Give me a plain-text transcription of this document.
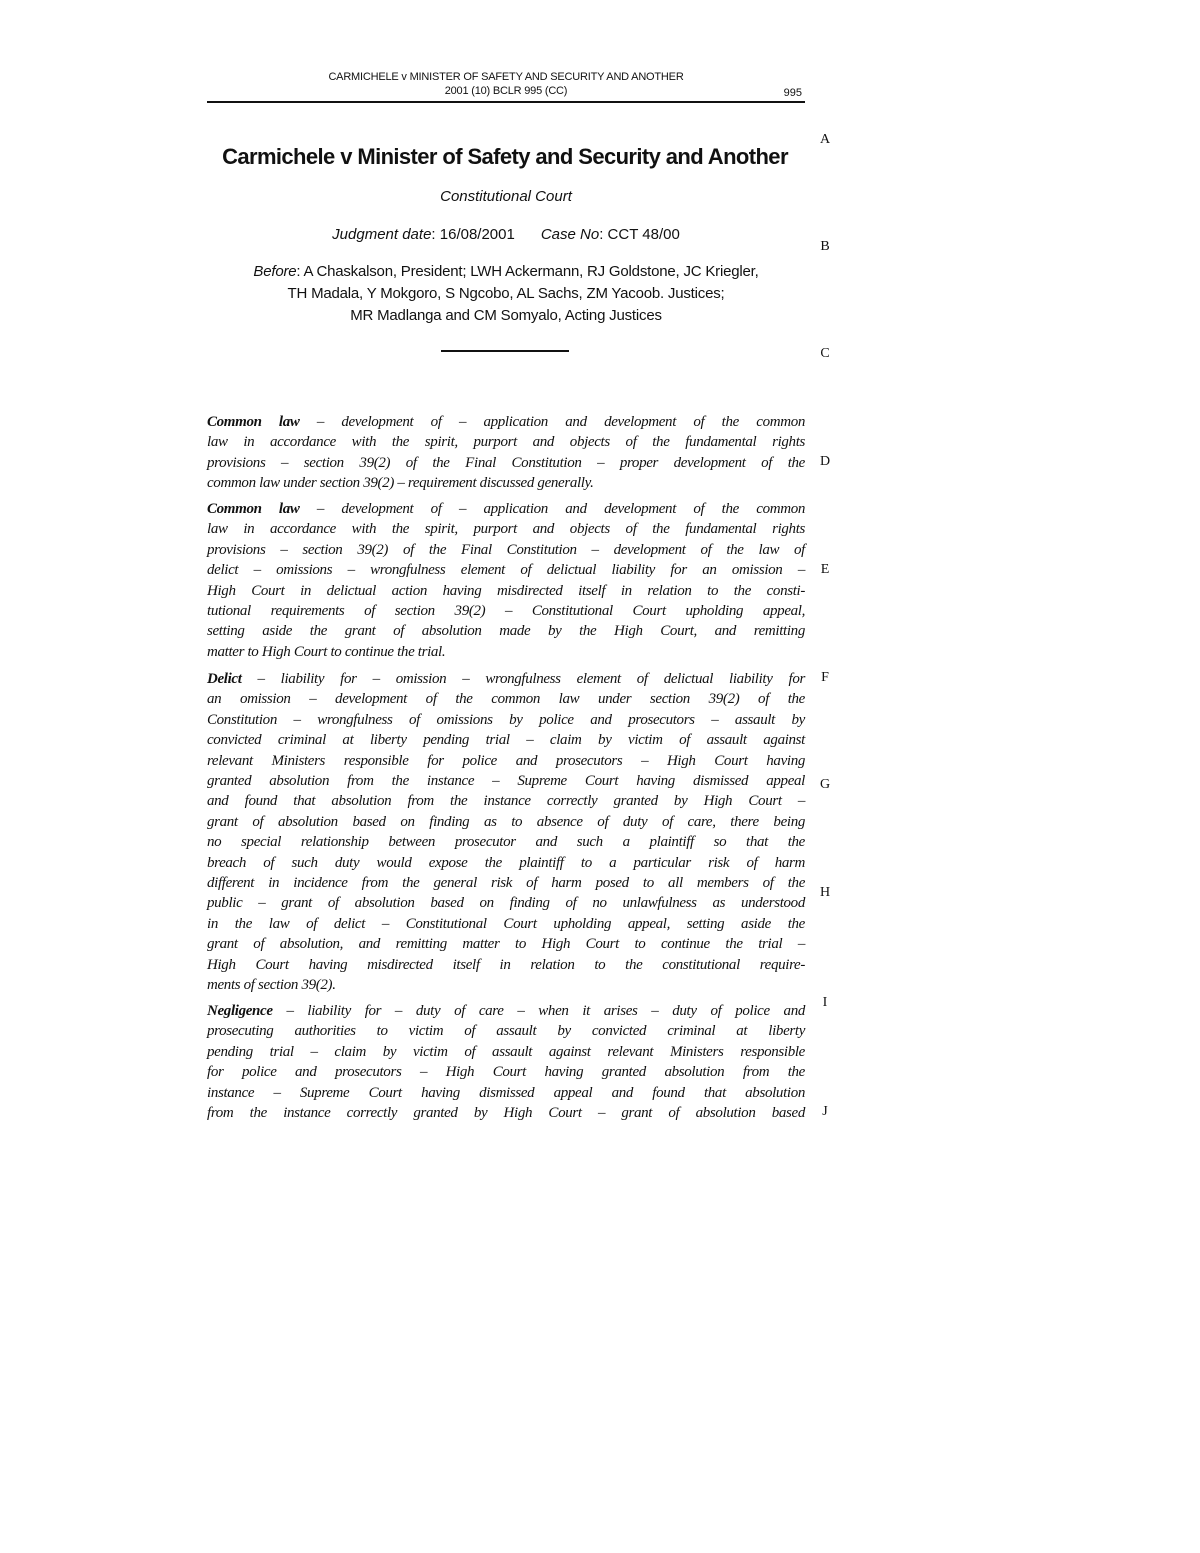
CARMICHELE v MINISTER OF SAFETY AND SECURITY AND ANOTHER
2001 (10) BCLR 995 (CC)	995
Carmichele v Minister of Safety and Security and Another
Constitutional Court
Judgment date: 16/08/2001 Case No: CCT 48/00
Before: A Chaskalson, President; LWH Ackermann, RJ Goldstone, JC Kriegler,
TH Madala, Y Mokgoro, S Ngcobo, AL Sachs, ZM Yacoob. Justices;
MR Madlanga and CM Somyalo, Acting Justices
A
B
C
D
E
F
G
H
I
J
Common law – development of – application and development of the common
law in accordance with the spirit, purport and objects of the fundamental rights
provisions – section 39(2) of the Final Constitution – proper development of the
common law under section 39(2) – requirement discussed generally.
Common law – development of – application and development of the common
law in accordance with the spirit, purport and objects of the fundamental rights
provisions – section 39(2) of the Final Constitution – development of the law of
delict – omissions – wrongfulness element of delictual liability for an omission –
High Court in delictual action having misdirected itself in relation to the consti-
tutional requirements of section 39(2) – Constitutional Court upholding appeal,
setting aside the grant of absolution made by the High Court, and remitting
matter to High Court to continue the trial.
Delict – liability for – omission – wrongfulness element of delictual liability for
an omission – development of the common law under section 39(2) of the
Constitution – wrongfulness of omissions by police and prosecutors – assault by
convicted criminal at liberty pending trial – claim by victim of assault against
relevant Ministers responsible for police and prosecutors – High Court having
granted absolution from the instance – Supreme Court having dismissed appeal
and found that absolution from the instance correctly granted by High Court –
grant of absolution based on finding as to absence of duty of care, there being
no special relationship between prosecutor and such a plaintiff so that the
breach of such duty would expose the plaintiff to a particular risk of harm
different in incidence from the general risk of harm posed to all members of the
public – grant of absolution based on finding of no unlawfulness as understood
in the law of delict – Constitutional Court upholding appeal, setting aside the
grant of absolution, and remitting matter to High Court to continue the trial –
High Court having misdirected itself in relation to the constitutional require-
ments of section 39(2).
Negligence – liability for – duty of care – when it arises – duty of police and
prosecuting authorities to victim of assault by convicted criminal at liberty
pending trial – claim by victim of assault against relevant Ministers responsible
for police and prosecutors – High Court having granted absolution from the
instance – Supreme Court having dismissed appeal and found that absolution
from the instance correctly granted by High Court – grant of absolution based
